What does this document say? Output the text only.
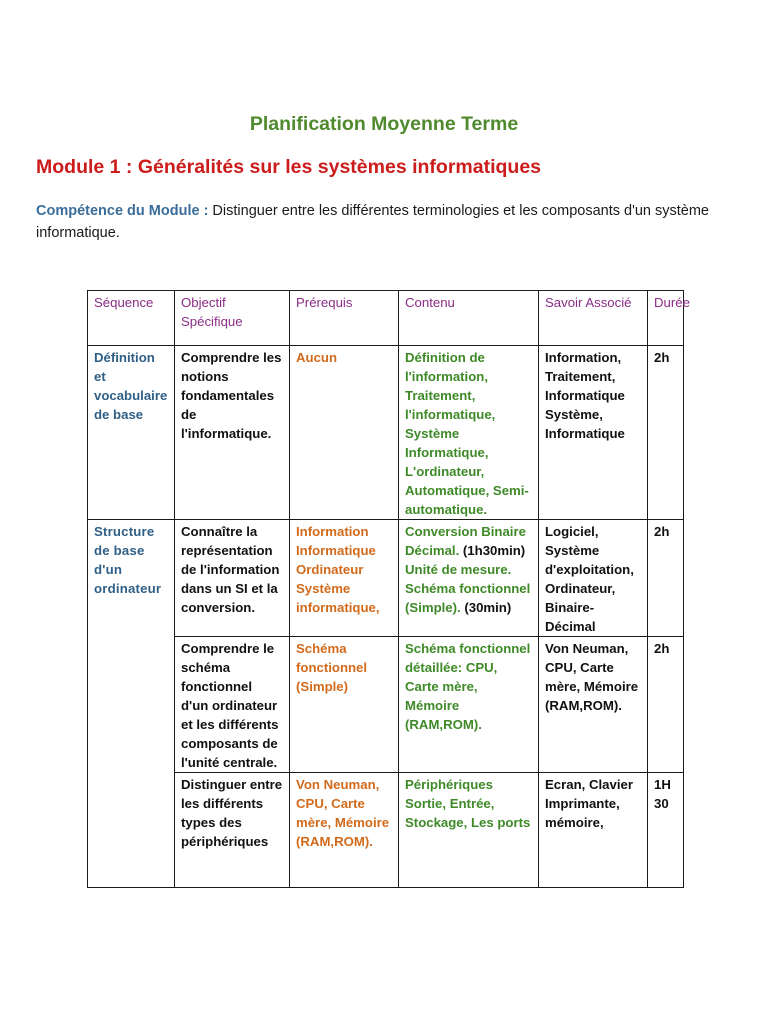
Planification Moyenne Terme
Module 1 : Généralités sur les systèmes informatiques
Compétence du Module : Distinguer entre les différentes terminologies et les composants d'un système informatique.
Séquence	Objectif Spécifique	Prérequis	Contenu	Savoir Associé	Durée
Définition et vocabulaire de base	Comprendre les notions fondamentales de l'informatique.	Aucun	Définition de l'information, Traitement, l'informatique, Système Informatique, L'ordinateur, Automatique, Semi-automatique.	Information, Traitement, Informatique Système, Informatique	2h
Structure de base d'un ordinateur	Connaître la représentation de l'information dans un SI et la conversion.	Information Informatique Ordinateur Système informatique,	Conversion Binaire Décimal. (1h30min) Unité de mesure. Schéma fonctionnel (Simple). (30min)	Logiciel, Système d'exploitation, Ordinateur, Binaire-Décimal	2h
	Comprendre le schéma fonctionnel d'un ordinateur et les différents composants de l'unité centrale.	Schéma fonctionnel (Simple)	Schéma fonctionnel détaillée: CPU, Carte mère, Mémoire (RAM,ROM).	Von Neuman, CPU, Carte mère, Mémoire (RAM,ROM).	2h
	Distinguer entre les différents types des périphériques	Von Neuman, CPU, Carte mère, Mémoire (RAM,ROM).	Périphériques Sortie, Entrée, Stockage, Les ports	Ecran, Clavier Imprimante, mémoire,	1H 30
